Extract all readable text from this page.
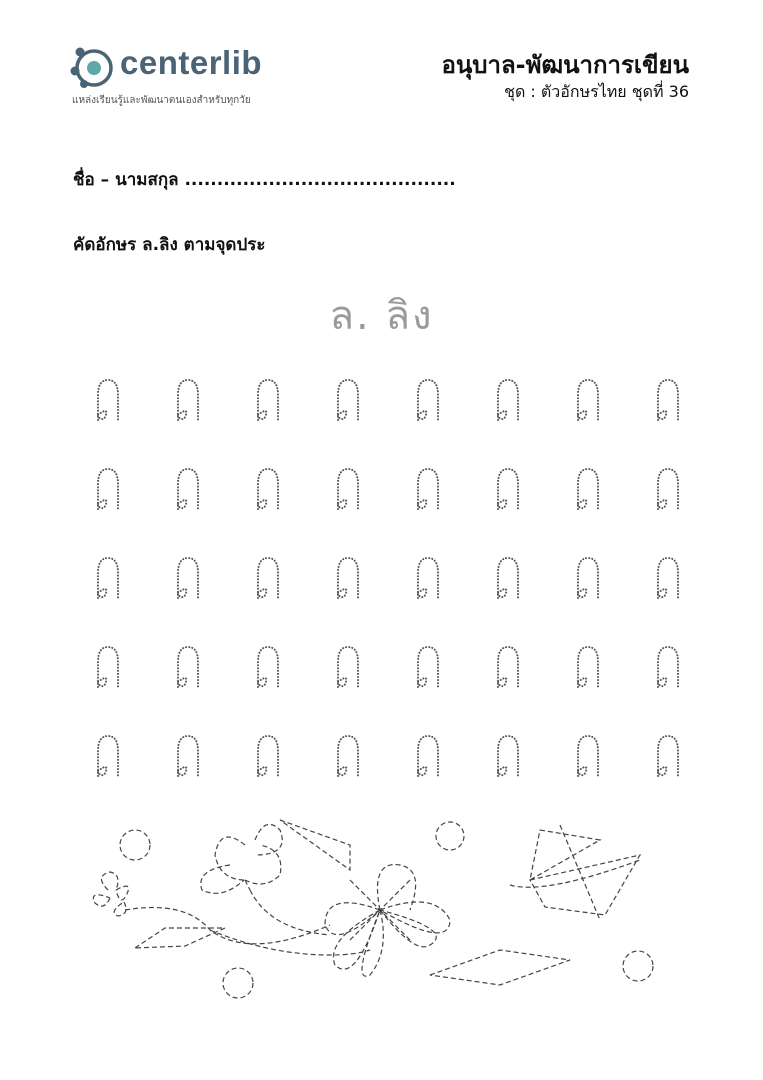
centerlib
แหล่งเรียนรู้และพัฒนาตนเองสำหรับทุกวัย
อนุบาล-พัฒนาการเขียน
ชุด : ตัวอักษรไทย ชุดที่ 36
ชื่อ – นามสกุล ..........................................
คัดอักษร ล.ลิง ตามจุดประ
ล. ลิง
